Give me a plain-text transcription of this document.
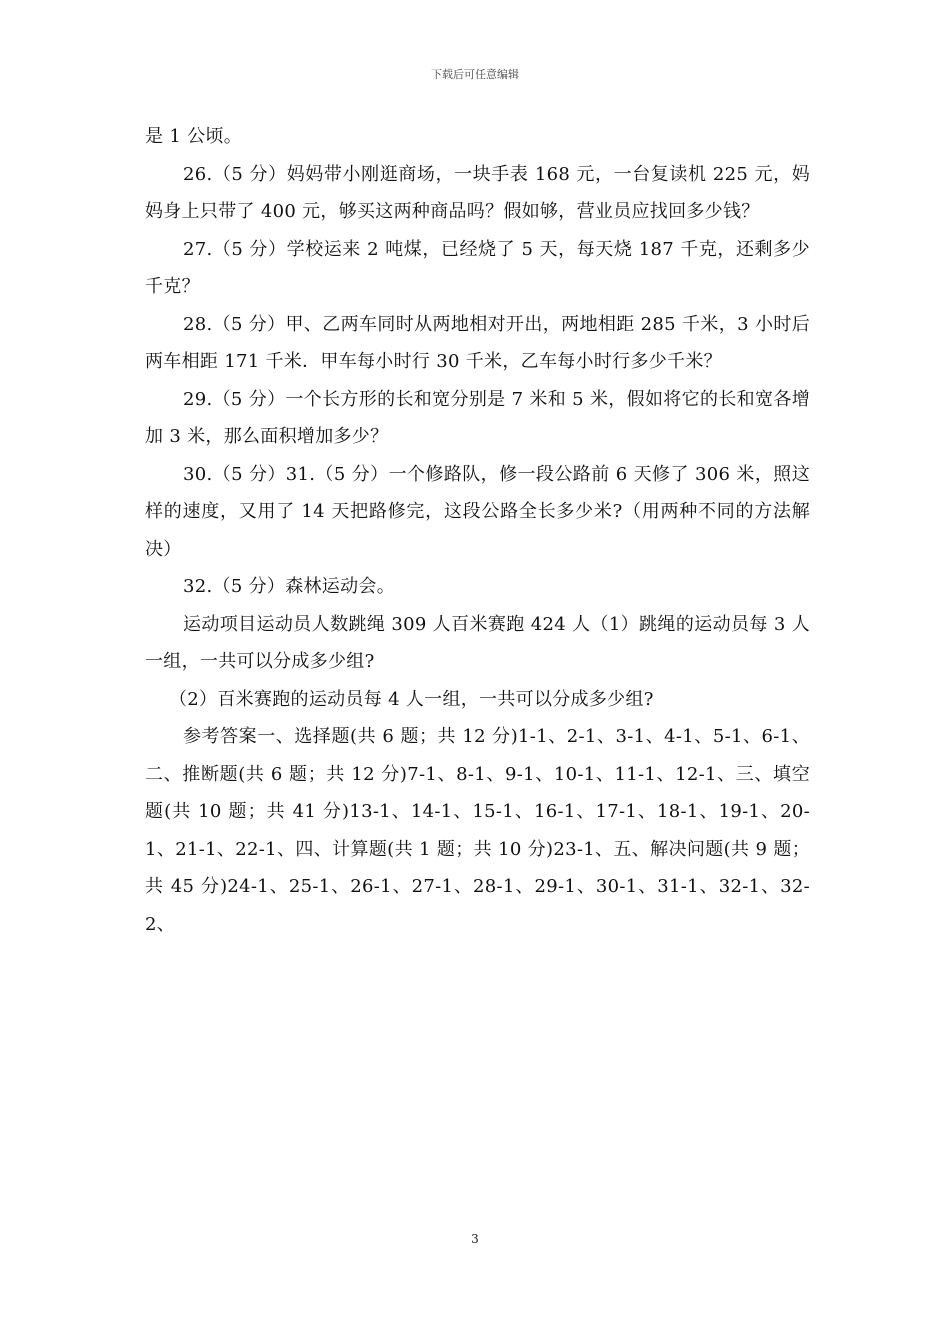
下载后可任意编辑

是 1 公顷。

26.（5 分）妈妈带小刚逛商场，一块手表 168 元，一台复读机 225 元，妈妈身上只带了 400 元，够买这两种商品吗？假如够，营业员应找回多少钱？

27.（5 分）学校运来 2 吨煤，已经烧了 5 天，每天烧 187 千克，还剩多少千克？

28.（5 分）甲、乙两车同时从两地相对开出，两地相距 285 千米，3 小时后两车相距 171 千米．甲车每小时行 30 千米，乙车每小时行多少千米？

29.（5 分）一个长方形的长和宽分别是 7 米和 5 米，假如将它的长和宽各增加 3 米，那么面积增加多少？

30.（5 分）31.（5 分）一个修路队，修一段公路前 6 天修了 306 米，照这样的速度，又用了 14 天把路修完，这段公路全长多少米?（用两种不同的方法解决）

32.（5 分）森林运动会。

运动项目运动员人数跳绳 309 人百米赛跑 424 人（1）跳绳的运动员每 3 人一组，一共可以分成多少组?

（2）百米赛跑的运动员每 4 人一组，一共可以分成多少组?

参考答案一、选择题(共 6 题；共 12 分)1-1、2-1、3-1、4-1、5-1、6-1、二、推断题(共 6 题；共 12 分)7-1、8-1、9-1、10-1、11-1、12-1、三、填空题(共 10 题；共 41 分)13-1、14-1、15-1、16-1、17-1、18-1、19-1、20-1、21-1、22-1、四、计算题(共 1 题；共 10 分)23-1、五、解决问题(共 9 题；共 45 分)24-1、25-1、26-1、27-1、28-1、29-1、30-1、31-1、32-1、32-2、

3
